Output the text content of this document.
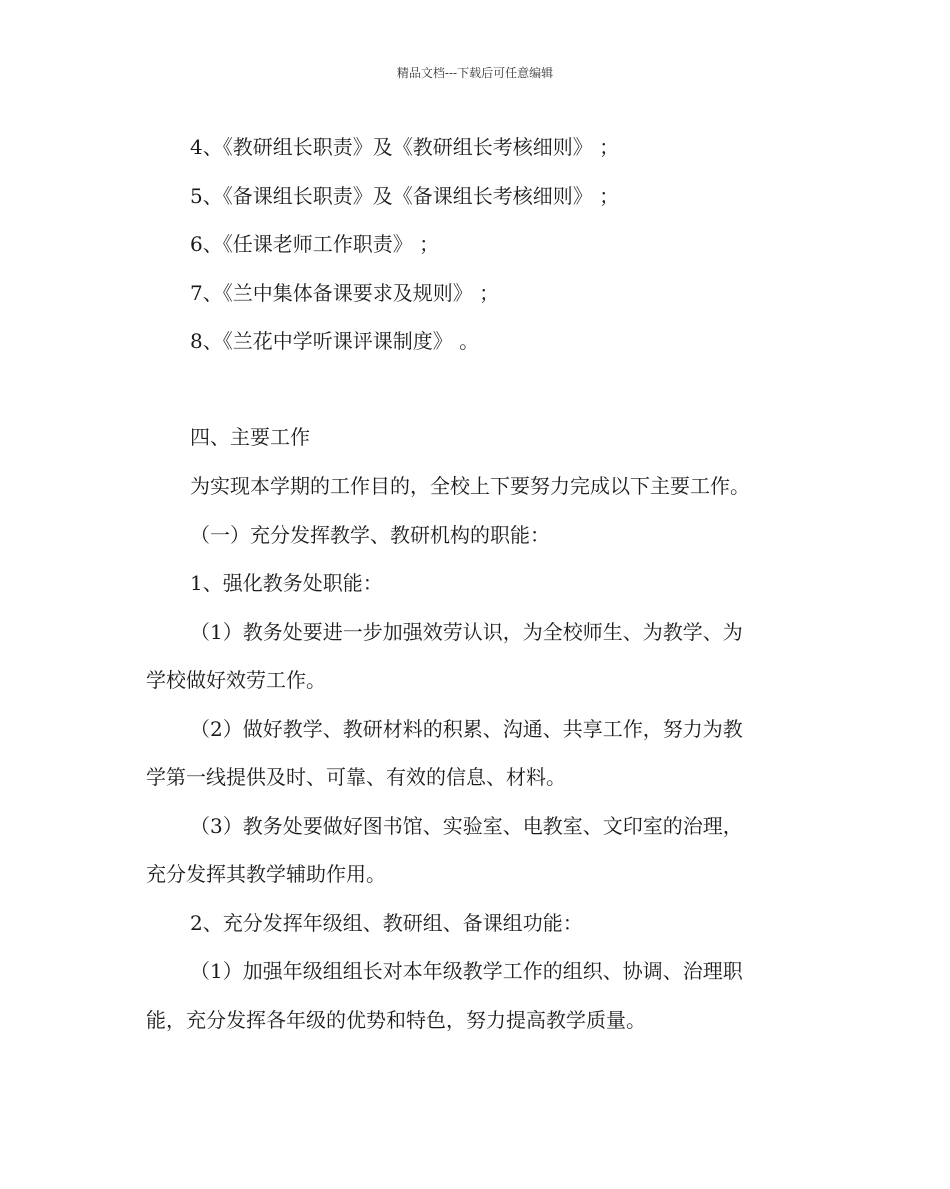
精品文档---下载后可任意编辑
4、《教研组长职责》及《教研组长考核细则》 ；
5、《备课组长职责》及《备课组长考核细则》 ；
6、《任课老师工作职责》 ；
7、《兰中集体备课要求及规则》 ；
8、《兰花中学听课评课制度》 。
四、主要工作
为实现本学期的工作目的，全校上下要努力完成以下主要工作。
（一）充分发挥教学、教研机构的职能：
1、强化教务处职能：
（1）教务处要进一步加强效劳认识，为全校师生、为教学、为
学校做好效劳工作。
（2）做好教学、教研材料的积累、沟通、共享工作，努力为教
学第一线提供及时、可靠、有效的信息、材料。
（3）教务处要做好图书馆、实验室、电教室、文印室的治理，
充分发挥其教学辅助作用。
2、充分发挥年级组、教研组、备课组功能：
（1）加强年级组组长对本年级教学工作的组织、协调、治理职
能，充分发挥各年级的优势和特色，努力提高教学质量。
